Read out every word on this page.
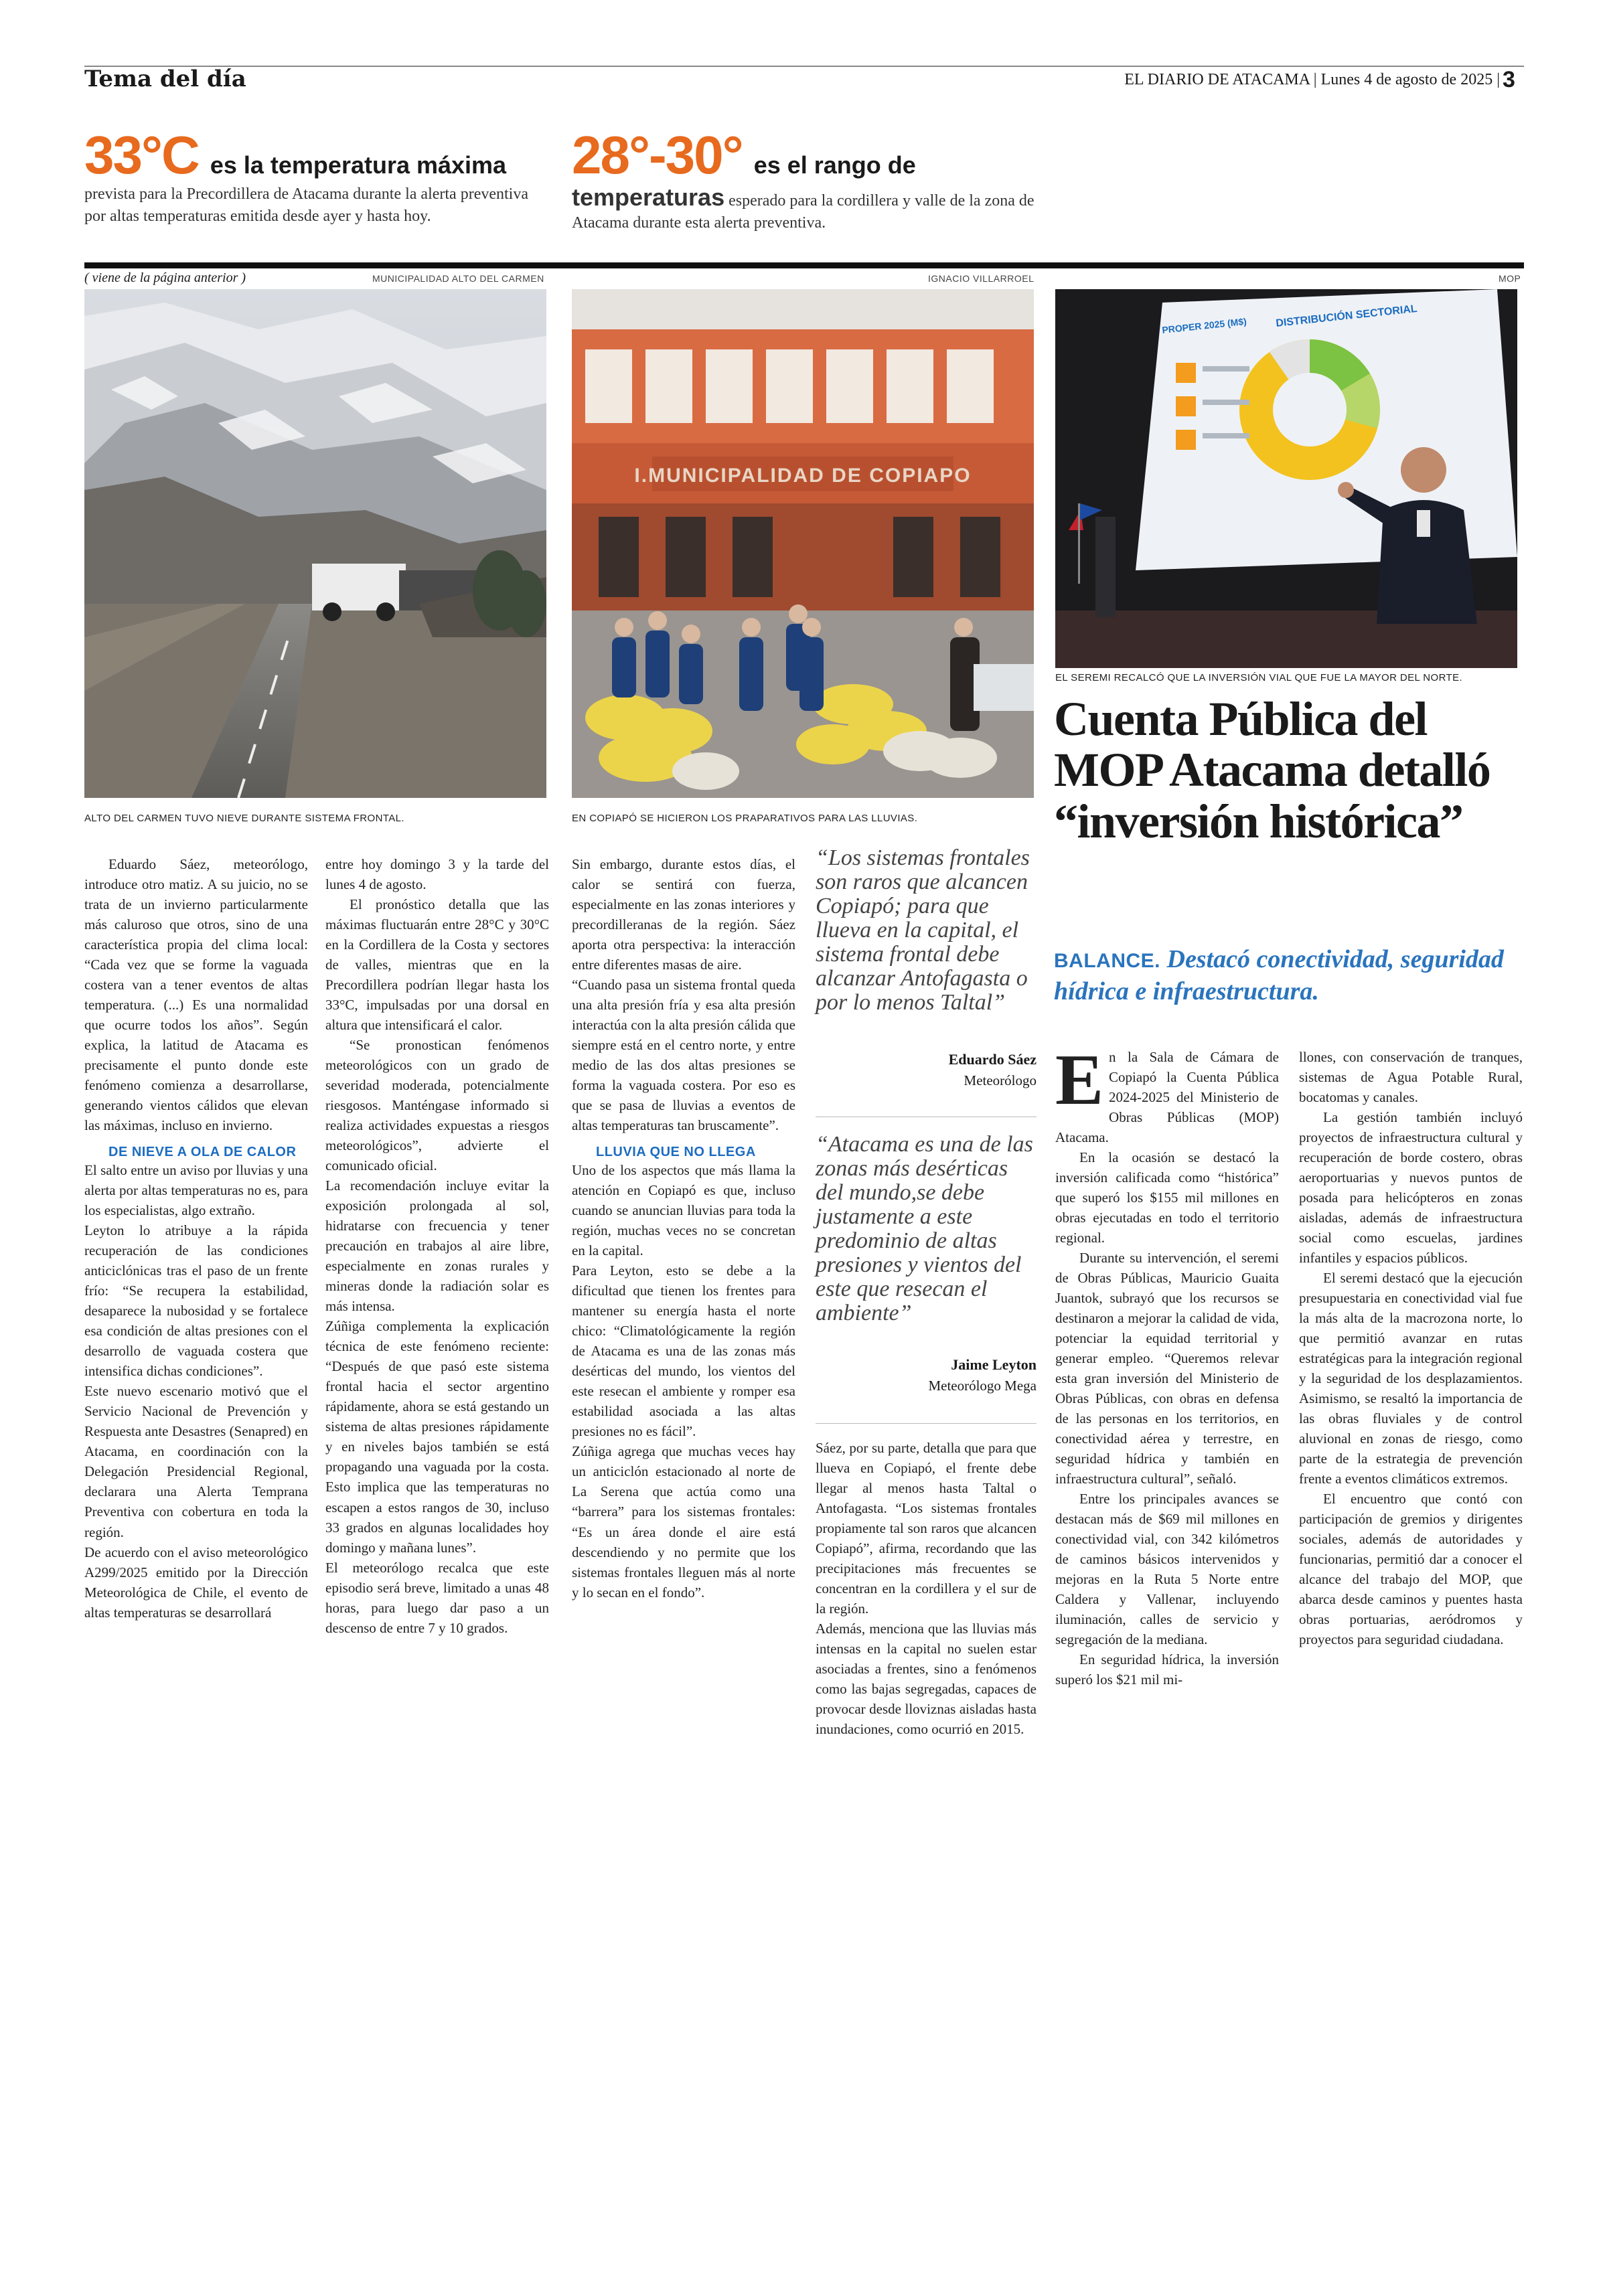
Tema del día	EL DIARIO DE ATACAMA | Lunes 4 de agosto de 2025 | 3
33°C es la temperatura máxima
prevista para la Precordillera de Atacama durante la alerta preventiva por altas temperaturas emitida desde ayer y hasta hoy.
28°-30° es el rango de
temperaturas esperado para la cordillera y valle de la zona de Atacama durante esta alerta preventiva.
( viene de la página anterior )	MUNICIPALIDAD ALTO DEL CARMEN
ALTO DEL CARMEN TUVO NIEVE DURANTE SISTEMA FRONTAL.
IGNACIO VILLARROEL
I.MUNICIPALIDAD DE COPIAPO
EN COPIAPÓ SE HICIERON LOS PRAPARATIVOS PARA LAS LLUVIAS.
MOP
DISTRIBUCIÓN SECTORIAL
PROPER 2025 (M$)
EL SEREMI RECALCÓ QUE LA INVERSIÓN VIAL QUE FUE LA MAYOR DEL NORTE.

Eduardo Sáez, meteorólogo, introduce otro matiz. A su juicio, no se trata de un invierno particularmente más caluroso que otros, sino de una característica propia del clima local: “Cada vez que se forme la vaguada costera van a tener eventos de altas temperatura. (...) Es una normalidad que ocurre todos los años”. Según explica, la latitud de Atacama es precisamente el punto donde este fenómeno comienza a desarrollarse, generando vientos cálidos que elevan las máximas, incluso en invierno.

DE NIEVE A OLA DE CALOR

El salto entre un aviso por lluvias y una alerta por altas temperaturas no es, para los especialistas, algo extraño.

Leyton lo atribuye a la rápida recuperación de las condiciones anticiclónicas tras el paso de un frente frío: “Se recupera la estabilidad, desaparece la nubosidad y se fortalece esa condición de altas presiones con el desarrollo de vaguada costera que intensifica dichas condiciones”.

Este nuevo escenario motivó que el Servicio Nacional de Prevención y Respuesta ante Desastres (Senapred) en Atacama, en coordinación con la Delegación Presidencial Regional, declarara una Alerta Temprana Preventiva con cobertura en toda la región.

De acuerdo con el aviso meteorológico A299/2025 emitido por la Dirección Meteorológica de Chile, el evento de altas temperaturas se desarrollará

entre hoy domingo 3 y la tarde del lunes 4 de agosto.

El pronóstico detalla que las máximas fluctuarán entre 28°C y 30°C en la Cordillera de la Costa y sectores de valles, mientras que en la Precordillera podrían llegar hasta los 33°C, impulsadas por una dorsal en altura que intensificará el calor.

“Se pronostican fenómenos meteorológicos con un grado de severidad moderada, potencialmente riesgosos. Manténgase informado si realiza actividades expuestas a riesgos meteorológicos”, advierte el comunicado oficial.

La recomendación incluye evitar la exposición prolongada al sol, hidratarse con frecuencia y tener precaución en trabajos al aire libre, especialmente en zonas rurales y mineras donde la radiación solar es más intensa.

Zúñiga complementa la explicación técnica de este fenómeno reciente: “Después de que pasó este sistema frontal hacia el sector argentino rápidamente, ahora se está gestando un sistema de altas presiones rápidamente y en niveles bajos también se está propagando una vaguada por la costa. Esto implica que las temperaturas no escapen a estos rangos de 30, incluso 33 grados en algunas localidades hoy domingo y mañana lunes”.

El meteorólogo recalca que este episodio será breve, limitado a unas 48 horas, para luego dar paso a un descenso de entre 7 y 10 grados.

Sin embargo, durante estos días, el calor se sentirá con fuerza, especialmente en las zonas interiores y precordilleranas de la región. Sáez aporta otra perspectiva: la interacción entre diferentes masas de aire.

“Cuando pasa un sistema frontal queda una alta presión fría y esa alta presión interactúa con la alta presión cálida que siempre está en el centro norte, y entre medio de las dos altas presiones se forma la vaguada costera. Por eso es que se pasa de lluvias a eventos de altas temperaturas tan bruscamente”.

LLUVIA QUE NO LLEGA

Uno de los aspectos que más llama la atención en Copiapó es que, incluso cuando se anuncian lluvias para toda la región, muchas veces no se concretan en la capital.

Para Leyton, esto se debe a la dificultad que tienen los frentes para mantener su energía hasta el norte chico: “Climatológicamente la región de Atacama es una de las zonas más desérticas del mundo, los vientos del este resecan el ambiente y romper esa estabilidad asociada a las altas presiones no es fácil”.

Zúñiga agrega que muchas veces hay un anticiclón estacionado al norte de La Serena que actúa como una “barrera” para los sistemas frontales: “Es un área donde el aire está descendiendo y no permite que los sistemas frontales lleguen más al norte y lo secan en el fondo”.

“Los sistemas frontales son raros que alcancen Copiapó; para que llueva en la capital, el sistema frontal debe alcanzar Antofagasta o por lo menos Taltal”
Eduardo Sáez
Meteorólogo
“Atacama es una de las zonas más desérticas del mundo,se debe justamente a este predominio de altas presiones y vientos del este que resecan el ambiente”
Jaime Leyton
Meteorólogo Mega

Sáez, por su parte, detalla que para que llueva en Copiapó, el frente debe llegar al menos hasta Taltal o Antofagasta. “Los sistemas frontales propiamente tal son raros que alcancen Copiapó”, afirma, recordando que las precipitaciones más frecuentes se concentran en la cordillera y el sur de la región.

Además, menciona que las lluvias más intensas en la capital no suelen estar asociadas a frentes, sino a fenómenos como las bajas segregadas, capaces de provocar desde lloviznas aisladas hasta inundaciones, como ocurrió en 2015.

Cuenta Pública del MOP Atacama detalló “inversión histórica”
BALANCE. Destacó conectividad, seguridad hídrica e infraestructura.

En la Sala de Cámara de Copiapó la Cuenta Pública 2024-2025 del Ministerio de Obras Públicas (MOP) Atacama.

En la ocasión se destacó la inversión calificada como “histórica” que superó los $155 mil millones en obras ejecutadas en todo el territorio regional.

Durante su intervención, el seremi de Obras Públicas, Mauricio Guaita Juantok, subrayó que los recursos se destinaron a mejorar la calidad de vida, potenciar la equidad territorial y generar empleo. “Queremos relevar esta gran inversión del Ministerio de Obras Públicas, con obras en defensa de las personas en los territorios, en conectividad aérea y terrestre, en seguridad hídrica y también en infraestructura cultural”, señaló.

Entre los principales avances se destacan más de $69 mil millones en conectividad vial, con 342 kilómetros de caminos básicos intervenidos y mejoras en la Ruta 5 Norte entre Caldera y Vallenar, incluyendo iluminación, calles de servicio y segregación de la mediana.

En seguridad hídrica, la inversión superó los $21 mil mi-

llones, con conservación de tranques, sistemas de Agua Potable Rural, bocatomas y canales.

La gestión también incluyó proyectos de infraestructura cultural y recuperación de borde costero, obras aeroportuarias y nuevos puntos de posada para helicópteros en zonas aisladas, además de infraestructura social como escuelas, jardines infantiles y espacios públicos.

El seremi destacó que la ejecución presupuestaria en conectividad vial fue la más alta de la macrozona norte, lo que permitió avanzar en rutas estratégicas para la integración regional y la seguridad de los desplazamientos. Asimismo, se resaltó la importancia de las obras fluviales y de control aluvional en zonas de riesgo, como parte de la estrategia de prevención frente a eventos climáticos extremos.

El encuentro que contó con participación de gremios y dirigentes sociales, además de autoridades y funcionarias, permitió dar a conocer el alcance del trabajo del MOP, que abarca desde caminos y puentes hasta obras portuarias, aeródromos y proyectos para seguridad ciudadana.
